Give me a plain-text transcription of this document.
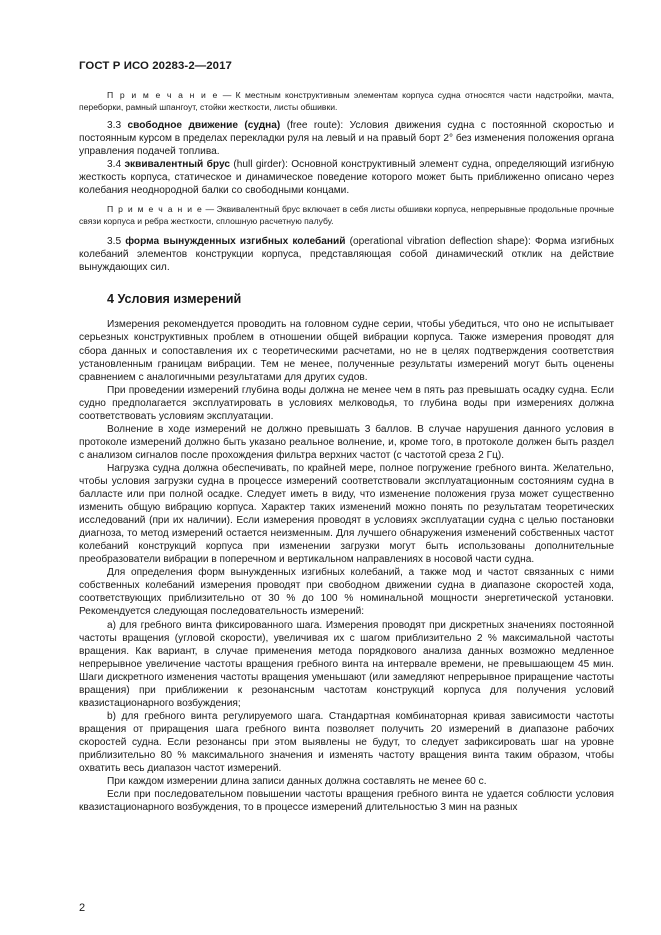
ГОСТ Р ИСО 20283-2—2017

П р и м е ч а н и е — К местным конструктивным элементам корпуса судна относятся части надстройки, мачта, переборки, рамный шпангоут, стойки жесткости, листы обшивки.

3.3 свободное движение (судна) (free route): Условия движения судна с постоянной скоростью и постоянным курсом в пределах перекладки руля на левый и на правый борт 2° без изменения положения органа управления подачей топлива.

3.4 эквивалентный брус (hull girder): Основной конструктивный элемент судна, определяющий изгибную жесткость корпуса, статическое и динамическое поведение которого может быть приближенно описано через колебания неоднородной балки со свободными концами.

П р и м е ч а н и е — Эквивалентный брус включает в себя листы обшивки корпуса, непрерывные продольные прочные связи корпуса и ребра жесткости, сплошную расчетную палубу.

3.5 форма вынужденных изгибных колебаний (operational vibration deflection shape): Форма изгибных колебаний элементов конструкции корпуса, представляющая собой динамический отклик на действие вынуждающих сил.

4 Условия измерений

Измерения рекомендуется проводить на головном судне серии, чтобы убедиться, что оно не испытывает серьезных конструктивных проблем в отношении общей вибрации корпуса. Также измерения проводят для сбора данных и сопоставления их с теоретическими расчетами, но не в целях подтверждения соответствия установленным границам вибрации. Тем не менее, полученные результаты измерений могут быть оценены сравнением с аналогичными результатами для других судов.

При проведении измерений глубина воды должна не менее чем в пять раз превышать осадку судна. Если судно предполагается эксплуатировать в условиях мелководья, то глубина воды при измерениях должна соответствовать условиям эксплуатации.

Волнение в ходе измерений не должно превышать 3 баллов. В случае нарушения данного условия в протоколе измерений должно быть указано реальное волнение, и, кроме того, в протоколе должен быть раздел с анализом сигналов после прохождения фильтра верхних частот (с частотой среза 2 Гц).

Нагрузка судна должна обеспечивать, по крайней мере, полное погружение гребного винта. Желательно, чтобы условия загрузки судна в процессе измерений соответствовали эксплуатационным состояниям судна в балласте или при полной осадке. Следует иметь в виду, что изменение положения груза может существенно изменить общую вибрацию корпуса. Характер таких изменений можно понять по результатам теоретических исследований (при их наличии). Если измерения проводят в условиях эксплуатации судна с целью постановки диагноза, то метод измерений остается неизменным. Для лучшего обнаружения изменений собственных частот колебаний конструкций корпуса при изменении загрузки могут быть использованы дополнительные преобразователи вибрации в поперечном и вертикальном направлениях в носовой части судна.

Для определения форм вынужденных изгибных колебаний, а также мод и частот связанных с ними собственных колебаний измерения проводят при свободном движении судна в диапазоне скоростей хода, соответствующих приблизительно от 30 % до 100 % номинальной мощности энергетической установки. Рекомендуется следующая последовательность измерений:

а) для гребного винта фиксированного шага. Измерения проводят при дискретных значениях постоянной частоты вращения (угловой скорости), увеличивая их с шагом приблизительно 2 % максимальной частоты вращения. Как вариант, в случае применения метода порядкового анализа данных возможно медленное непрерывное увеличение частоты вращения гребного винта на интервале времени, не превышающем 45 мин. Шаги дискретного изменения частоты вращения уменьшают (или замедляют непрерывное приращение частоты вращения) при приближении к резонансным частотам конструкций корпуса для получения условий квазистационарного возбуждения;

b) для гребного винта регулируемого шага. Стандартная комбинаторная кривая зависимости частоты вращения от приращения шага гребного винта позволяет получить 20 измерений в диапазоне рабочих скоростей судна. Если резонансы при этом выявлены не будут, то следует зафиксировать шаг на уровне приблизительно 80 % максимального значения и изменять частоту вращения винта таким образом, чтобы охватить весь диапазон частот измерений.

При каждом измерении длина записи данных должна составлять не менее 60 с.

Если при последовательном повышении частоты вращения гребного винта не удается соблюсти условия квазистационарного возбуждения, то в процессе измерений длительностью 3 мин на разных

2
